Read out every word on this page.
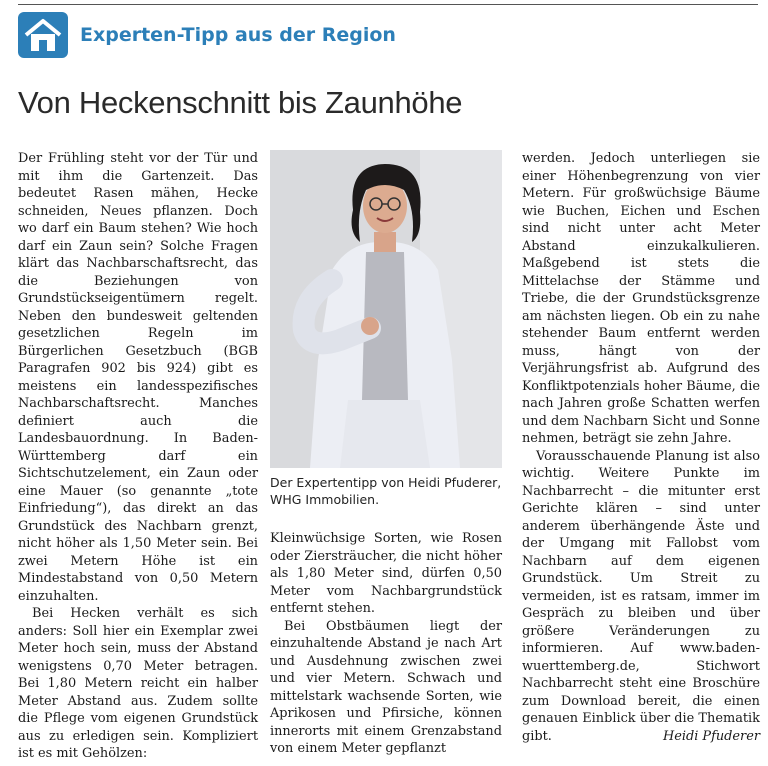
Experten-Tipp aus der Region
Von Heckenschnitt bis Zaunhöhe

Der Frühling steht vor der Tür und mit ihm die Gartenzeit. Das bedeutet Rasen mähen, Hecke schneiden, Neues pflanzen. Doch wo darf ein Baum stehen? Wie hoch darf ein Zaun sein? Solche Fragen klärt das Nachbarschaftsrecht, das die Beziehungen von Grundstückseigentümern regelt. Neben den bundesweit geltenden gesetzlichen Regeln im Bürgerlichen Gesetzbuch (BGB Paragrafen 902 bis 924) gibt es meistens ein landesspezifisches Nachbarschaftsrecht. Manches definiert auch die Landesbauordnung. In Baden-Württemberg darf ein Sichtschutzelement, ein Zaun oder eine Mauer (so genannte „tote Einfriedung“), das direkt an das Grundstück des Nachbarn grenzt, nicht höher als 1,50 Meter sein. Bei zwei Metern Höhe ist ein Mindestabstand von 0,50 Metern einzuhalten.

Bei Hecken verhält es sich anders: Soll hier ein Exemplar zwei Meter hoch sein, muss der Abstand wenigstens 0,70 Meter betragen. Bei 1,80 Metern reicht ein halber Meter Abstand aus. Zudem sollte die Pflege vom eigenen Grundstück aus zu erledigen sein. Kompliziert ist es mit Gehölzen:

Der Expertentipp von Heidi Pfuderer, WHG Immobilien.

Kleinwüchsige Sorten, wie Rosen oder Ziersträucher, die nicht höher als 1,80 Meter sind, dürfen 0,50 Meter vom Nachbargrundstück entfernt stehen.

Bei Obstbäumen liegt der einzuhaltende Abstand je nach Art und Ausdehnung zwischen zwei und vier Metern. Schwach und mittelstark wachsende Sorten, wie Aprikosen und Pfirsiche, können innerorts mit einem Grenzabstand von einem Meter gepflanzt

werden. Jedoch unterliegen sie einer Höhenbegrenzung von vier Metern. Für großwüchsige Bäume wie Buchen, Eichen und Eschen sind nicht unter acht Meter Abstand einzukalkulieren. Maßgebend ist stets die Mittelachse der Stämme und Triebe, die der Grundstücksgrenze am nächsten liegen. Ob ein zu nahe stehender Baum entfernt werden muss, hängt von der Verjährungsfrist ab. Aufgrund des Konfliktpotenzials hoher Bäume, die nach Jahren große Schatten werfen und dem Nachbarn Sicht und Sonne nehmen, beträgt sie zehn Jahre.

Vorausschauende Planung ist also wichtig. Weitere Punkte im Nachbarrecht – die mitunter erst Gerichte klären – sind unter anderem überhängende Äste und der Umgang mit Fallobst vom Nachbarn auf dem eigenen Grundstück. Um Streit zu vermeiden, ist es ratsam, immer im Gespräch zu bleiben und über größere Veränderungen zu informieren. Auf www.baden-wuerttemberg.de, Stichwort Nachbarrecht steht eine Broschüre zum Download bereit, die einen genauen Einblick über die Thematik gibt.	Heidi Pfuderer
